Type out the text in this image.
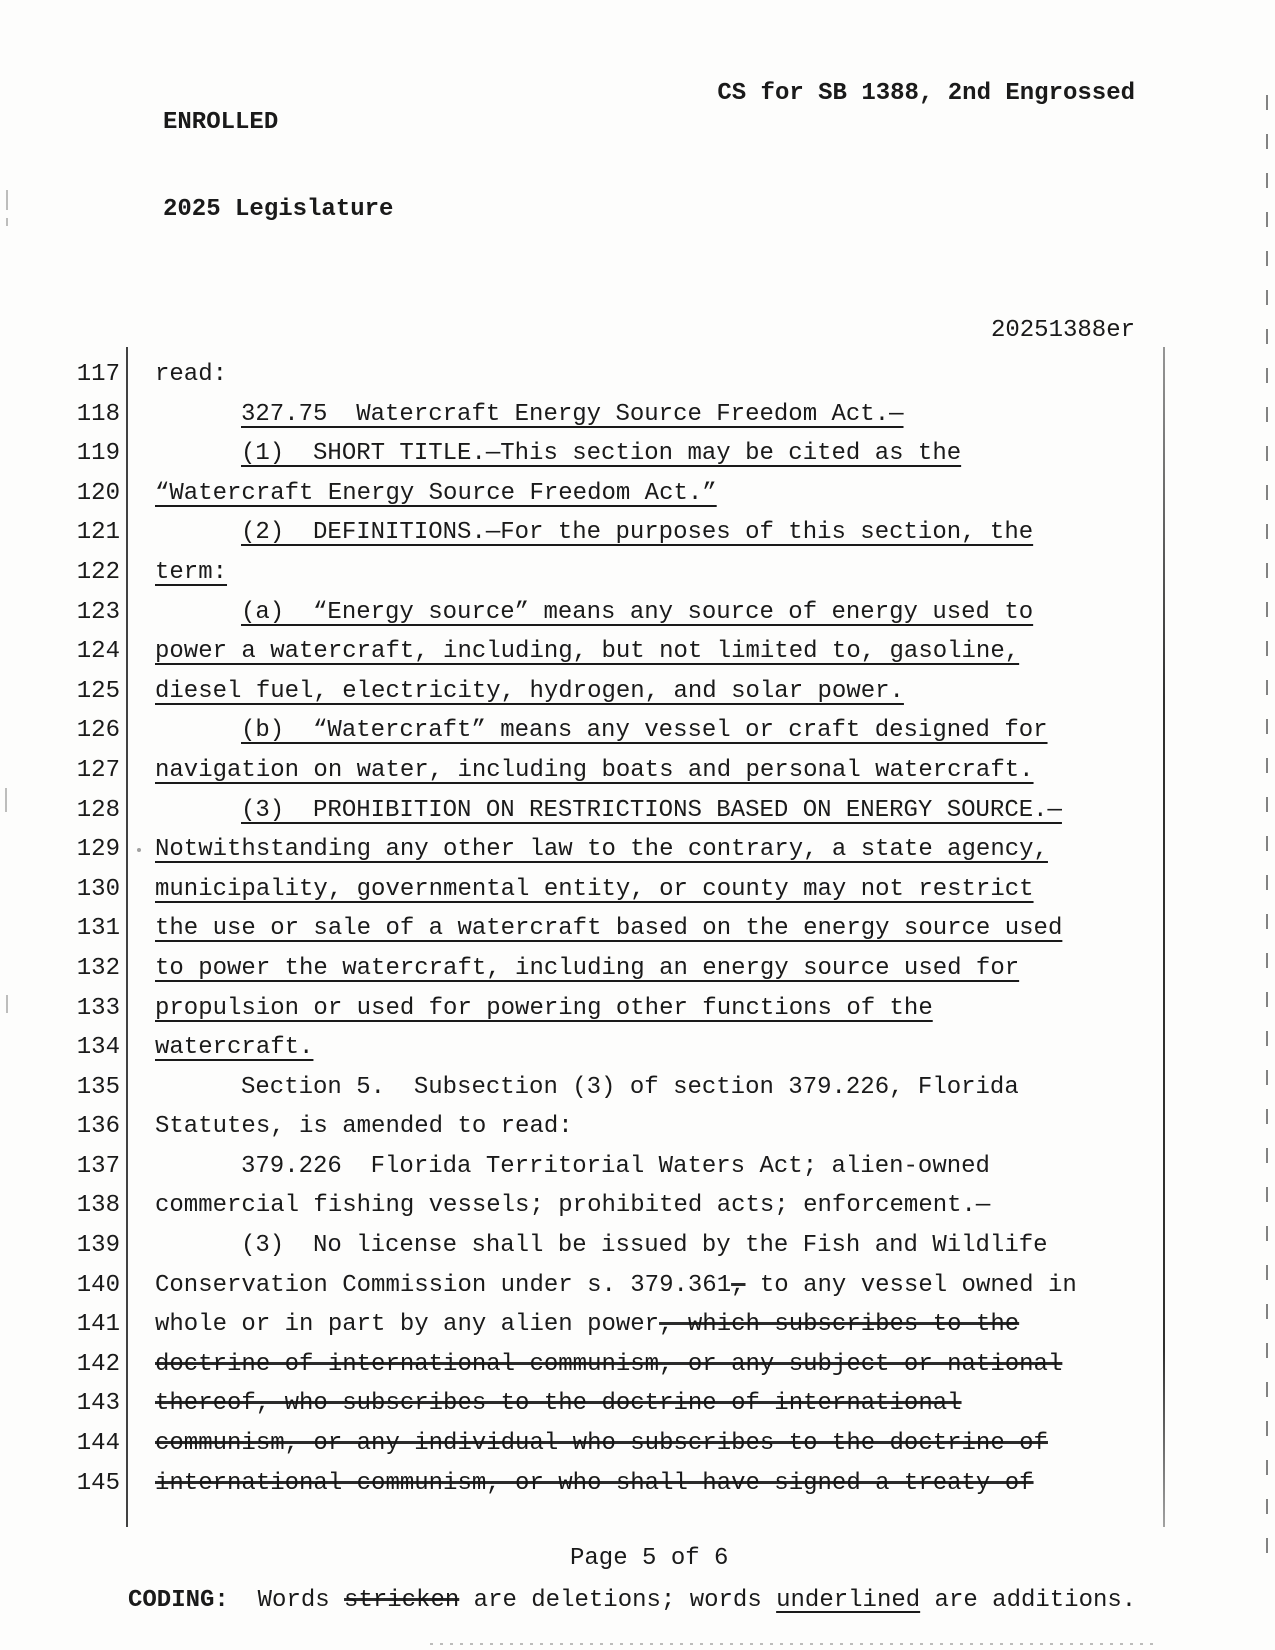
ENROLLED

2025 Legislature

CS for SB 1388, 2nd Engrossed
20251388er
117 read:
118	327.75  Watercraft Energy Source Freedom Act.—
119	(1)  SHORT TITLE.—This section may be cited as the
120 “Watercraft Energy Source Freedom Act.”
121	(2)  DEFINITIONS.—For the purposes of this section, the
122 term:
123	(a)  “Energy source” means any source of energy used to
124 power a watercraft, including, but not limited to, gasoline,
125 diesel fuel, electricity, hydrogen, and solar power.
126	(b)  “Watercraft” means any vessel or craft designed for
127 navigation on water, including boats and personal watercraft.
128	(3)  PROHIBITION ON RESTRICTIONS BASED ON ENERGY SOURCE.—
129 Notwithstanding any other law to the contrary, a state agency,
130 municipality, governmental entity, or county may not restrict
131 the use or sale of a watercraft based on the energy source used
132 to power the watercraft, including an energy source used for
133 propulsion or used for powering other functions of the
134 watercraft.
135	Section 5.  Subsection (3) of section 379.226, Florida
136 Statutes, is amended to read:
137	379.226  Florida Territorial Waters Act; alien-owned
138 commercial fishing vessels; prohibited acts; enforcement.—
139	(3)  No license shall be issued by the Fish and Wildlife
140 Conservation Commission under s. 379.361, to any vessel owned in
141 whole or in part by any alien power, which subscribes to the
142 doctrine of international communism, or any subject or national
143 thereof, who subscribes to the doctrine of international
144 communism, or any individual who subscribes to the doctrine of
145 international communism, or who shall have signed a treaty of
Page 5 of 6
CODING:  Words stricken are deletions; words underlined are additions.
